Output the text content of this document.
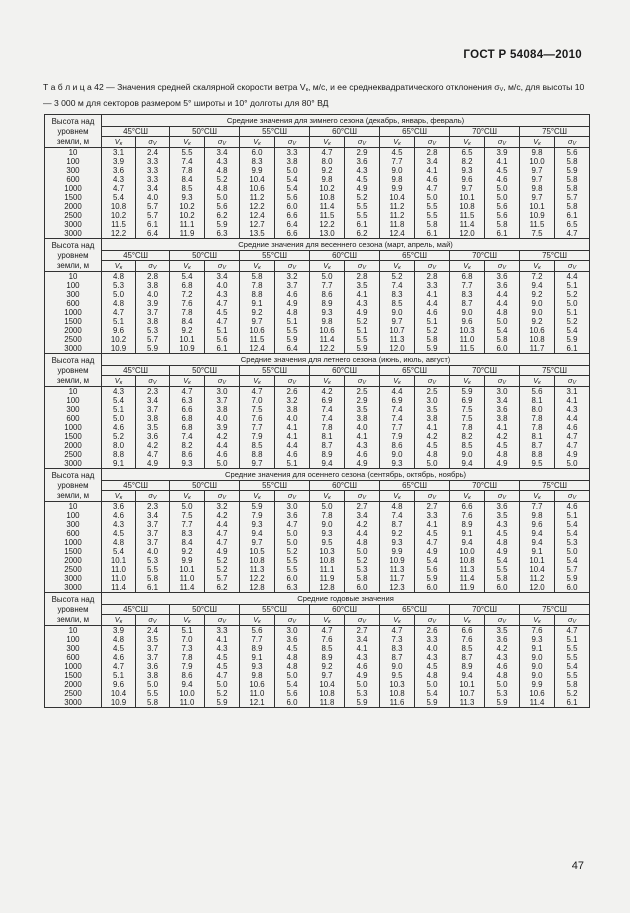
ГОСТ Р 54084—2010
Т а б л и ц а 42 — Значения средней скалярной скорости ветра $V_к$, м/с, и ее среднеквадратического отклонения $\sigma_V$, м/с, для высоты 10 — 3 000 м для секторов размером 5° широты и 10° долготы для 80° ВД
Высота над уровнем земли, м	Средние значения для зимнего сезона (декабрь, январь, февраль)													
	45°СШ		50°СШ		55°СШ		60°СШ		65°СШ		70°СШ		75°СШ	
	$V_к$	$\sigma_V$	$V_к$	$\sigma_V$	$V_к$	$\sigma_V$	$V_к$	$\sigma_V$	$V_к$	$\sigma_V$	$V_к$	$\sigma_V$	$V_к$	$\sigma_V$
10	3.1	2.4	5.5	3.4	6.0	3.3	4.7	2.9	4.5	2.8	6.5	3.9	9.8	5.6
100	3.9	3.3	7.4	4.3	8.3	3.8	8.0	3.6	7.7	3.4	8.2	4.1	10.0	5.8
300	3.6	3.3	7.8	4.8	9.9	5.0	9.2	4.3	9.0	4.1	9.3	4.5	9.7	5.9
600	4.3	3.3	8.4	5.2	10.4	5.4	9.8	4.5	9.8	4.6	9.6	4.6	9.7	5.8
1000	4.7	3.4	8.5	4.8	10.6	5.4	10.2	4.9	9.9	4.7	9.7	5.0	9.8	5.8
1500	5.4	4.0	9.3	5.0	11.2	5.6	10.8	5.2	10.4	5.0	10.1	5.0	9.7	5.7
2000	10.8	5.7	10.2	5.6	12.2	6.0	11.4	5.5	11.2	5.5	10.8	5.6	10.1	5.8
2500	10.2	5.7	10.2	6.2	12.4	6.6	11.5	5.5	11.2	5.5	11.5	5.6	10.9	6.1
3000	11.5	6.1	11.1	5.9	12.7	6.4	12.2	6.1	11.8	5.8	11.4	5.8	11.5	6.5
3000	12.2	6.4	11.9	6.3	13.5	6.6	13.0	6.2	12.4	6.1	12.0	6.1	7.5	4.7
Высота над уровнем земли, м	Средние значения для весеннего сезона (март, апрель, май)													
	45°СШ		50°СШ		55°СШ		60°СШ		65°СШ		70°СШ		75°СШ	
	$V_к$	$\sigma_V$	$V_к$	$\sigma_V$	$V_к$	$\sigma_V$	$V_к$	$\sigma_V$	$V_к$	$\sigma_V$	$V_к$	$\sigma_V$	$V_к$	$\sigma_V$
10	4.8	2.8	5.4	3.4	5.8	3.2	5.0	2.8	5.2	2.8	6.8	3.6	7.2	4.4
100	5.3	3.8	6.8	4.0	7.8	3.7	7.7	3.5	7.4	3.3	7.7	3.6	9.4	5.1
300	5.0	4.0	7.2	4.3	8.8	4.6	8.6	4.1	8.3	4.1	8.3	4.4	9.2	5.2
600	4.8	3.9	7.6	4.7	9.1	4.9	8.9	4.3	8.5	4.4	8.7	4.4	9.0	5.0
1000	4.7	3.7	7.8	4.5	9.2	4.8	9.3	4.9	9.0	4.6	9.0	4.8	9.0	5.1
1500	5.1	3.8	8.4	4.7	9.7	5.1	9.8	5.2	9.7	5.1	9.6	5.0	9.2	5.2
2000	9.6	5.3	9.2	5.1	10.6	5.5	10.6	5.1	10.7	5.2	10.3	5.4	10.6	5.4
2500	10.2	5.7	10.1	5.6	11.5	5.9	11.4	5.5	11.3	5.8	11.0	5.8	10.8	5.9
3000	10.9	5.9	10.9	6.1	12.4	6.4	12.2	5.9	12.0	5.9	11.5	6.0	11.7	6.1
Высота над уровнем земли, м	Средние значения для летнего сезона (июнь, июль, август)													
	45°СШ		50°СШ		55°СШ		60°СШ		65°СШ		70°СШ		75°СШ	
	$V_к$	$\sigma_V$	$V_к$	$\sigma_V$	$V_к$	$\sigma_V$	$V_к$	$\sigma_V$	$V_к$	$\sigma_V$	$V_к$	$\sigma_V$	$V_к$	$\sigma_V$
10	4.3	2.3	4.7	3.0	4.7	2.6	4.2	2.5	4.4	2.5	5.9	3.0	5.6	3.1
100	5.4	3.4	6.3	3.7	7.0	3.2	6.9	2.9	6.9	3.0	6.9	3.4	8.1	4.1
300	5.1	3.7	6.6	3.8	7.5	3.8	7.4	3.5	7.4	3.5	7.5	3.6	8.0	4.3
600	5.0	3.8	6.8	4.0	7.6	4.0	7.4	3.8	7.4	3.8	7.5	3.8	7.8	4.4
1000	4.6	3.5	6.8	3.9	7.7	4.1	7.8	4.0	7.7	4.1	7.8	4.1	7.8	4.6
1500	5.2	3.6	7.4	4.2	7.9	4.1	8.1	4.1	7.9	4.2	8.2	4.2	8.1	4.7
2000	8.0	4.2	8.2	4.4	8.5	4.4	8.7	4.3	8.6	4.5	8.5	4.5	8.7	4.7
2500	8.8	4.7	8.6	4.6	8.8	4.6	8.9	4.6	9.0	4.8	9.0	4.8	8.8	4.9
3000	9.1	4.9	9.3	5.0	9.7	5.1	9.4	4.9	9.3	5.0	9.4	4.9	9.5	5.0
Высота над уровнем земли, м	Средние значения для осеннего сезона (сентябрь, октябрь, ноябрь)													
	45°СШ		50°СШ		55°СШ		60°СШ		65°СШ		70°СШ		75°СШ	
	$V_к$	$\sigma_V$	$V_к$	$\sigma_V$	$V_к$	$\sigma_V$	$V_к$	$\sigma_V$	$V_к$	$\sigma_V$	$V_к$	$\sigma_V$	$V_к$	$\sigma_V$
10	3.6	2.3	5.0	3.2	5.9	3.0	5.0	2.7	4.8	2.7	6.6	3.6	7.7	4.6
100	4.6	3.4	7.5	4.2	7.9	3.6	7.8	3.4	7.4	3.3	7.6	3.5	9.8	5.1
300	4.3	3.7	7.7	4.4	9.3	4.7	9.0	4.2	8.7	4.1	8.9	4.3	9.6	5.4
600	4.5	3.7	8.3	4.7	9.4	5.0	9.3	4.4	9.2	4.5	9.1	4.5	9.4	5.4
1000	4.8	3.7	8.4	4.7	9.7	5.0	9.5	4.8	9.3	4.7	9.4	4.8	9.4	5.3
1500	5.4	4.0	9.2	4.9	10.5	5.2	10.3	5.0	9.9	4.9	10.0	4.9	9.1	5.0
2000	10.1	5.3	9.9	5.2	10.8	5.5	10.8	5.2	10.9	5.4	10.8	5.4	10.1	5.4
2500	11.0	5.5	10.1	5.2	11.3	5.5	11.1	5.3	11.3	5.6	11.3	5.5	10.4	5.7
3000	11.0	5.8	11.0	5.7	12.2	6.0	11.9	5.8	11.7	5.9	11.4	5.8	11.2	5.9
3000	11.4	6.1	11.4	6.2	12.8	6.3	12.8	6.0	12.3	6.0	11.9	6.0	12.0	6.0
Высота над уровнем земли, м	Средние годовые значения													
	45°СШ		50°СШ		55°СШ		60°СШ		65°СШ		70°СШ		75°СШ	
	$V_к$	$\sigma_V$	$V_к$	$\sigma_V$	$V_к$	$\sigma_V$	$V_к$	$\sigma_V$	$V_к$	$\sigma_V$	$V_к$	$\sigma_V$	$V_к$	$\sigma_V$
10	3.9	2.4	5.1	3.3	5.6	3.0	4.7	2.7	4.7	2.6	6.6	3.5	7.6	4.7
100	4.8	3.5	7.0	4.1	7.7	3.6	7.6	3.4	7.3	3.3	7.6	3.6	9.3	5.1
300	4.5	3.7	7.3	4.3	8.9	4.5	8.5	4.1	8.3	4.0	8.5	4.2	9.1	5.5
600	4.6	3.7	7.8	4.5	9.1	4.8	8.9	4.3	8.7	4.3	8.7	4.3	9.0	5.5
1000	4.7	3.6	7.9	4.5	9.3	4.8	9.2	4.6	9.0	4.5	8.9	4.6	9.0	5.4
1500	5.1	3.8	8.6	4.7	9.8	5.0	9.7	4.9	9.5	4.8	9.4	4.8	9.0	5.5
2000	9.6	5.0	9.4	5.0	10.6	5.4	10.4	5.0	10.3	5.0	10.1	5.0	9.9	5.8
2500	10.4	5.5	10.0	5.2	11.0	5.6	10.8	5.3	10.8	5.4	10.7	5.3	10.6	5.2
3000	10.9	5.8	11.0	5.9	12.1	6.0	11.8	5.9	11.6	5.9	11.3	5.9	11.4	6.1
47
